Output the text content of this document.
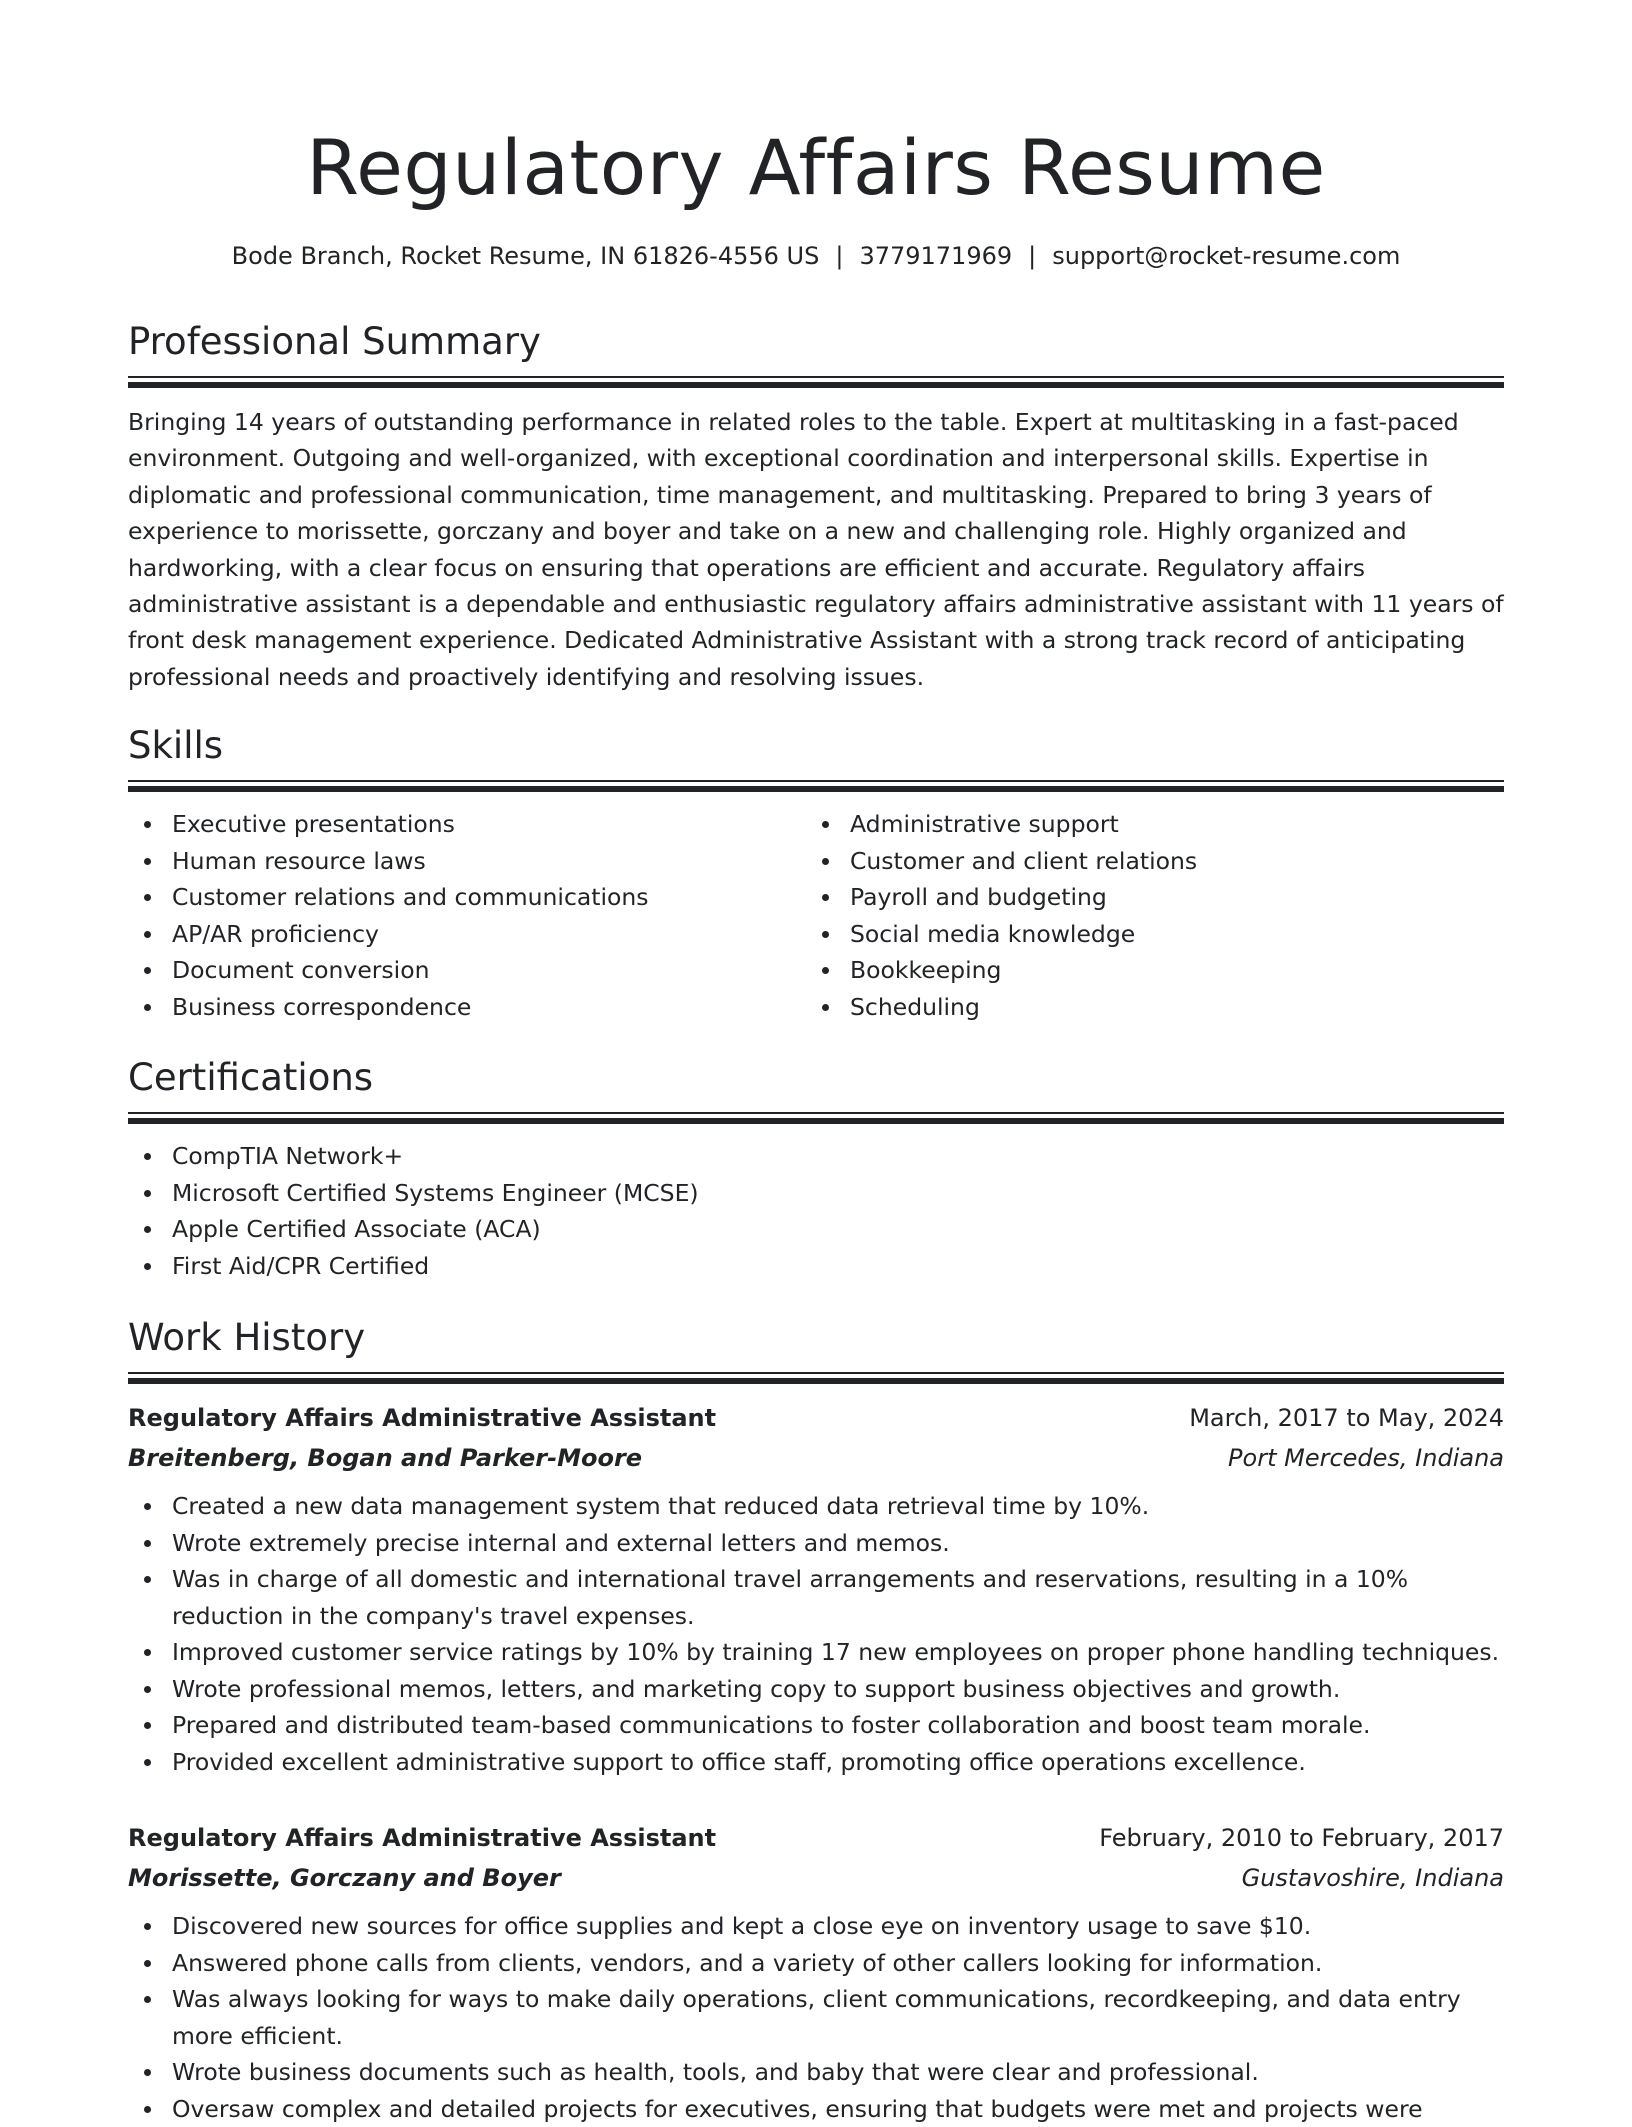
Regulatory Affairs Resume
Bode Branch, Rocket Resume, IN 61826-4556 US | 3779171969 | support@rocket-resume.com
Professional Summary

Bringing 14 years of outstanding performance in related roles to the table. Expert at multitasking in a fast-paced environment. Outgoing and well-organized, with exceptional coordination and interpersonal skills. Expertise in diplomatic and professional communication, time management, and multitasking. Prepared to bring 3 years of experience to morissette, gorczany and boyer and take on a new and challenging role. Highly organized and hardworking, with a clear focus on ensuring that operations are efficient and accurate. Regulatory affairs administrative assistant is a dependable and enthusiastic regulatory affairs administrative assistant with 11 years of front desk management experience. Dedicated Administrative Assistant with a strong track record of anticipating professional needs and proactively identifying and resolving issues.

Skills
Executive presentations
Human resource laws
Customer relations and communications
AP/AR proficiency
Document conversion
Business correspondence
Administrative support
Customer and client relations
Payroll and budgeting
Social media knowledge
Bookkeeping
Scheduling
Certifications
CompTIA Network+
Microsoft Certified Systems Engineer (MCSE)
Apple Certified Associate (ACA)
First Aid/CPR Certified
Work History
Regulatory Affairs Administrative Assistant	March, 2017 to May, 2024
Breitenberg, Bogan and Parker-Moore	Port Mercedes, Indiana
Created a new data management system that reduced data retrieval time by 10%.
Wrote extremely precise internal and external letters and memos.
Was in charge of all domestic and international travel arrangements and reservations, resulting in a 10% reduction in the company's travel expenses.
Improved customer service ratings by 10% by training 17 new employees on proper phone handling techniques.
Wrote professional memos, letters, and marketing copy to support business objectives and growth.
Prepared and distributed team-based communications to foster collaboration and boost team morale.
Provided excellent administrative support to office staff, promoting office operations excellence.
Regulatory Affairs Administrative Assistant	February, 2010 to February, 2017
Morissette, Gorczany and Boyer	Gustavoshire, Indiana
Discovered new sources for office supplies and kept a close eye on inventory usage to save $10.
Answered phone calls from clients, vendors, and a variety of other callers looking for information.
Was always looking for ways to make daily operations, client communications, recordkeeping, and data entry more efficient.
Wrote business documents such as health, tools, and baby that were clear and professional.
Oversaw complex and detailed projects for executives, ensuring that budgets were met and projects were
